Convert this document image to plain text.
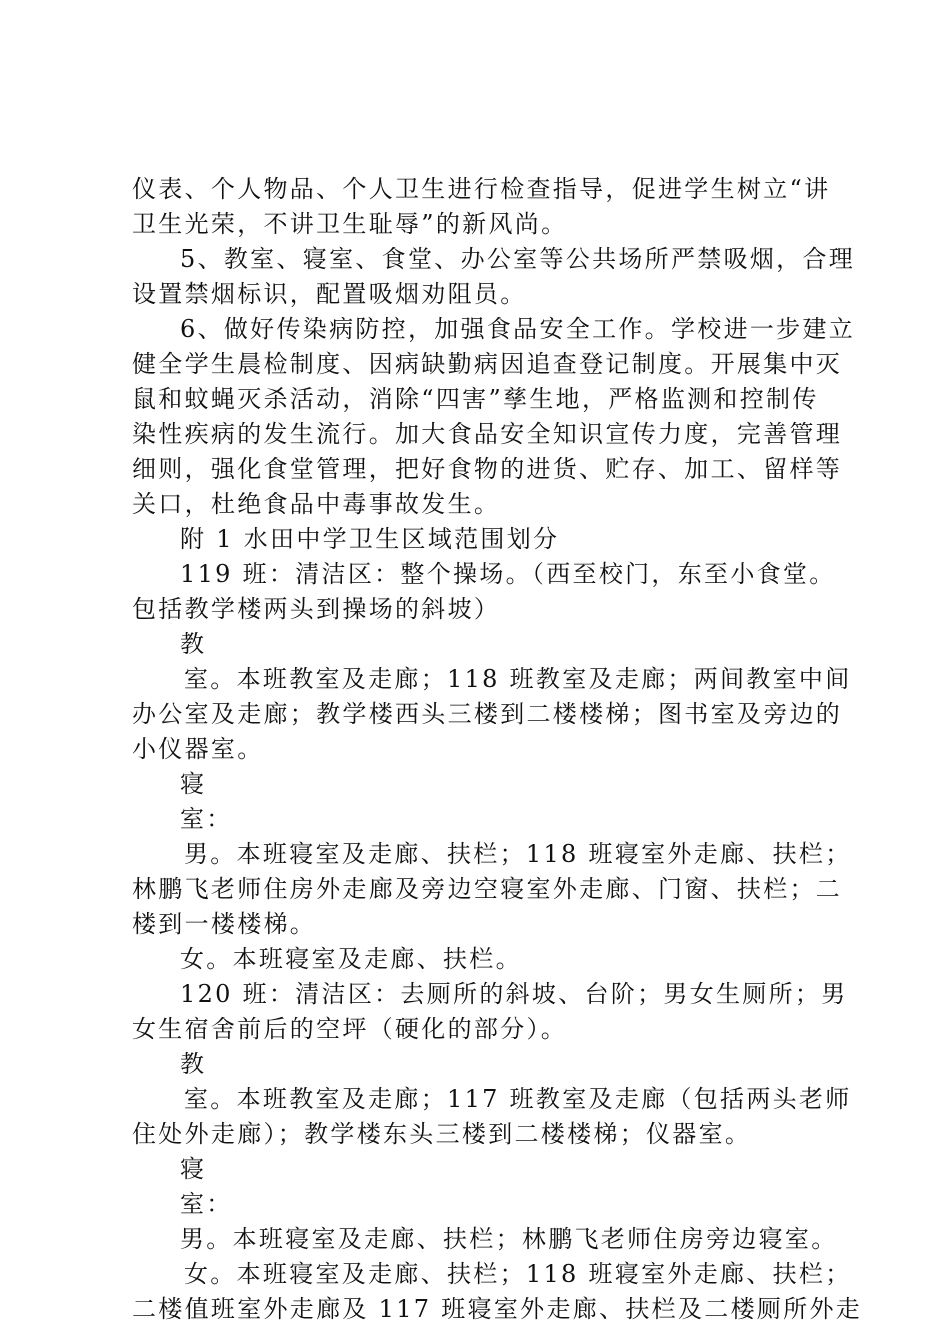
仪表、个人物品、个人卫生进行检查指导，促进学生树立“讲
卫生光荣，不讲卫生耻辱”的新风尚。
5、教室、寝室、食堂、办公室等公共场所严禁吸烟，合理
设置禁烟标识，配置吸烟劝阻员。
6、做好传染病防控，加强食品安全工作。学校进一步建立
健全学生晨检制度、因病缺勤病因追查登记制度。开展集中灭
鼠和蚊蝇灭杀活动，消除“四害”孳生地，严格监测和控制传
染性疾病的发生流行。加大食品安全知识宣传力度，完善管理
细则，强化食堂管理，把好食物的进货、贮存、加工、留样等
关口，杜绝食品中毒事故发生。
附 1 水田中学卫生区域范围划分
119 班：清洁区：整个操场。（西至校门，东至小食堂。
包括教学楼两头到操场的斜坡）
教
室。本班教室及走廊；118 班教室及走廊；两间教室中间
办公室及走廊；教学楼西头三楼到二楼楼梯；图书室及旁边的
小仪器室。
寝
室：
男。本班寝室及走廊、扶栏；118 班寝室外走廊、扶栏；
林鹏飞老师住房外走廊及旁边空寝室外走廊、门窗、扶栏；二
楼到一楼楼梯。
女。本班寝室及走廊、扶栏。
120 班：清洁区：去厕所的斜坡、台阶；男女生厕所；男
女生宿舍前后的空坪（硬化的部分）。
教
室。本班教室及走廊；117 班教室及走廊（包括两头老师
住处外走廊）；教学楼东头三楼到二楼楼梯；仪器室。
寝
室：
男。本班寝室及走廊、扶栏；林鹏飞老师住房旁边寝室。
女。本班寝室及走廊、扶栏；118 班寝室外走廊、扶栏；
二楼值班室外走廊及 117 班寝室外走廊、扶栏及二楼厕所外走
